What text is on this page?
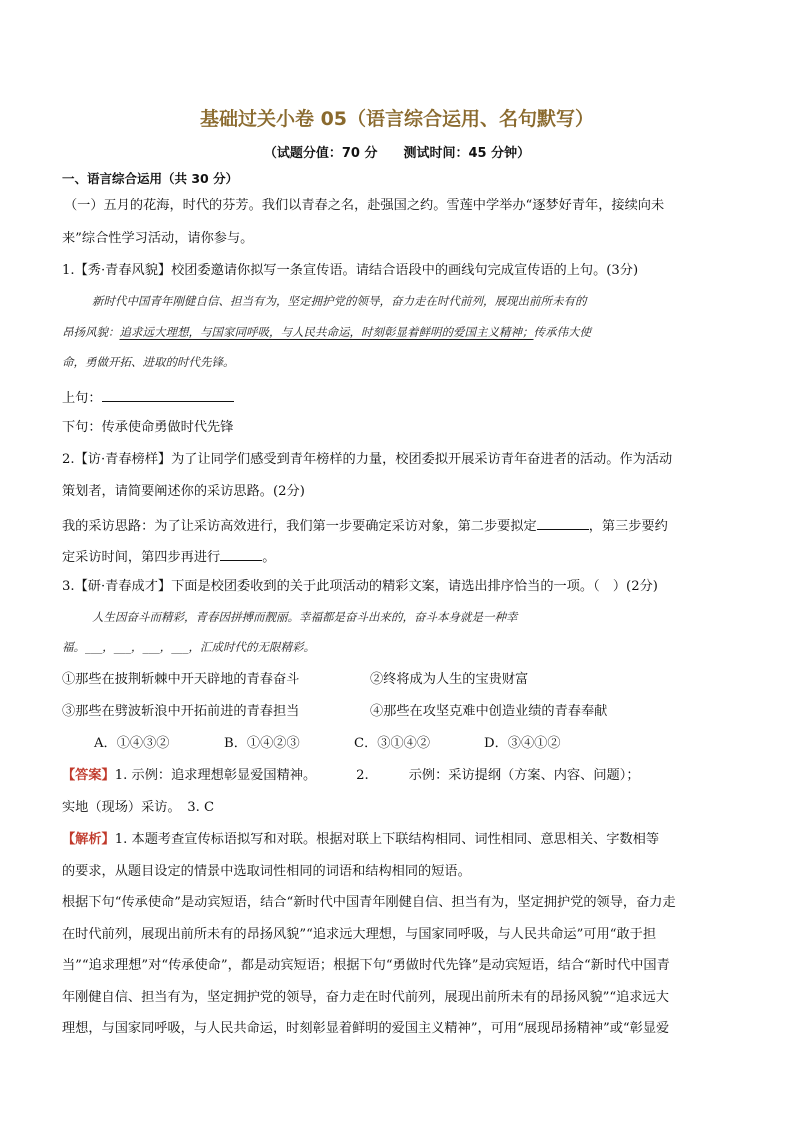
基础过关小卷 05（语言综合运用、名句默写）
（试题分值：70 分　　测试时间：45 分钟）
一、语言综合运用（共 30 分）
（一）五月的花海，时代的芬芳。我们以青春之名，赴强国之约。雪莲中学举办“逐梦好青年，接续向未
来”综合性学习活动，请你参与。
1.【秀·青春风貌】校团委邀请你拟写一条宣传语。请结合语段中的画线句完成宣传语的上句。(3分)
新时代中国青年刚健自信、担当有为，坚定拥护党的领导，奋力走在时代前列，展现出前所未有的
昂扬风貌：追求远大理想，与国家同呼吸，与人民共命运，时刻彰显着鲜明的爱国主义精神；传承伟大使
命，勇做开拓、进取的时代先锋。
上句：
下句：传承使命勇做时代先锋
2.【访·青春榜样】为了让同学们感受到青年榜样的力量，校团委拟开展采访青年奋进者的活动。作为活动
策划者，请简要阐述你的采访思路。(2分)
我的采访思路：为了让采访高效进行，我们第一步要确定采访对象，第二步要拟定	，第三步要约
定采访时间，第四步再进行	。
3.【研·青春成才】下面是校团委收到的关于此项活动的精彩文案，请选出排序恰当的一项。（　）(2分)
人生因奋斗而精彩，青春因拼搏而靓丽。幸福都是奋斗出来的，奋斗本身就是一种幸
福。___，___，___，___，汇成时代的无限精彩。
①那些在披荆斩棘中开天辟地的青春奋斗	②终将成为人生的宝贵财富
③那些在劈波斩浪中开拓前进的青春担当	④那些在攻坚克难中创造业绩的青春奉献
A．①④③②	B．①④②③	C．③①④②	D．③④①②
【答案】1. 示例：追求理想彰显爱国精神。	2.	示例：采访提纲（方案、内容、问题）；
实地（现场）采访。　3. C
【解析】1. 本题考查宣传标语拟写和对联。根据对联上下联结构相同、词性相同、意思相关、字数相等
的要求，从题目设定的情景中选取词性相同的词语和结构相同的短语。
根据下句“传承使命”是动宾短语，结合“新时代中国青年刚健自信、担当有为，坚定拥护党的领导，奋力走
在时代前列，展现出前所未有的昂扬风貌”“追求远大理想，与国家同呼吸，与人民共命运”可用“敢于担
当”“追求理想”对“传承使命”，都是动宾短语；根据下句“勇做时代先锋”是动宾短语，结合“新时代中国青
年刚健自信、担当有为，坚定拥护党的领导，奋力走在时代前列，展现出前所未有的昂扬风貌”“追求远大
理想，与国家同呼吸，与人民共命运，时刻彰显着鲜明的爱国主义精神”，可用“展现昂扬精神”或“彰显爱
